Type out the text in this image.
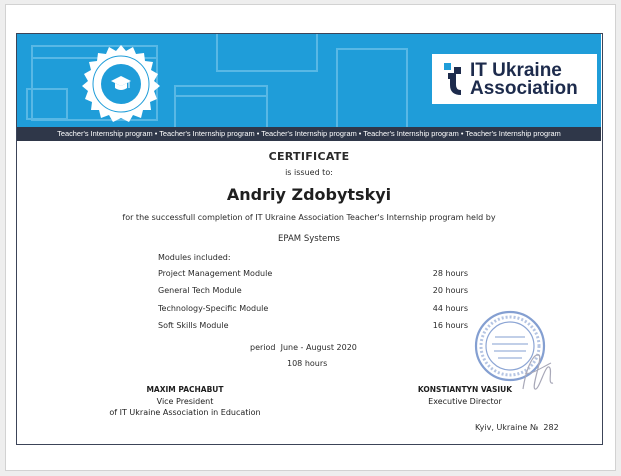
IT Ukraine
Association
Teacher's Internship program • Teacher's Internship program • Teacher's Internship program • Teacher's Internship program • Teacher's Internship program
CERTIFICATE
is issued to:
Andriy Zdobytskyi
for the successfull completion of IT Ukraine Association Teacher's Internship program held by
EPAM Systems
Modules included:
Project Management Module	28 hours
General Tech Module	20 hours
Technology-Specific Module	44 hours
Soft Skills Module	16 hours
period June - August 2020
108 hours
MAXIM PACHABUT
Vice President
of IT Ukraine Association in Education
KONSTIANTYN VASIUK
Executive Director
Kyiv, Ukraine № 282
